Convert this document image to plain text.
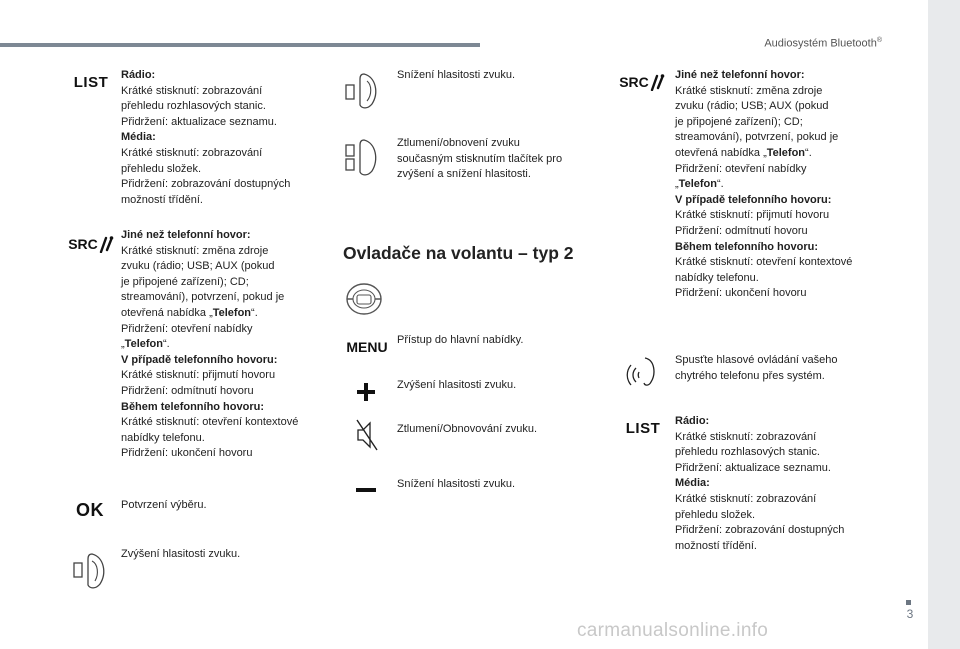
Audiosystém Bluetooth®
LIST Rádio:
Krátké stisknutí: zobrazování
přehledu rozhlasových stanic.
Přidržení: aktualizace seznamu.
Média:
Krátké stisknutí: zobrazování
přehledu složek.
Přidržení: zobrazování dostupných
možností třídění.
SRC
Jiné než telefonní hovor:
Krátké stisknutí: změna zdroje
zvuku (rádio; USB; AUX (pokud
je připojené zařízení); CD;
streamování), potvrzení, pokud je
otevřená nabídka „Telefon“.
Přidržení: otevření nabídky
„Telefon“.
V případě telefonního hovoru:
Krátké stisknutí: přijmutí hovoru
Přidržení: odmítnutí hovoru
Během telefonního hovoru:
Krátké stisknutí: otevření kontextové
nabídky telefonu.
Přidržení: ukončení hovoru
OK Potvrzení výběru.
Zvýšení hlasitosti zvuku.
Snížení hlasitosti zvuku.
Ztlumení/obnovení zvuku
současným stisknutím tlačítek pro
zvýšení a snížení hlasitosti.
Ovladače na volantu – typ 2
MENU Přístup do hlavní nabídky.
Zvýšení hlasitosti zvuku.
Ztlumení/Obnovování zvuku.
Snížení hlasitosti zvuku.
SRC Jiné než telefonní hovor:
Krátké stisknutí: změna zdroje
zvuku (rádio; USB; AUX (pokud
je připojené zařízení); CD;
streamování), potvrzení, pokud je
otevřená nabídka „Telefon“.
Přidržení: otevření nabídky
„Telefon“.
V případě telefonního hovoru:
Krátké stisknutí: přijmutí hovoru
Přidržení: odmítnutí hovoru
Během telefonního hovoru:
Krátké stisknutí: otevření kontextové
nabídky telefonu.
Přidržení: ukončení hovoru
Spusťte hlasové ovládání vašeho
chytrého telefonu přes systém.
LIST Rádio:
Krátké stisknutí: zobrazování
přehledu rozhlasových stanic.
Přidržení: aktualizace seznamu.
Média:
Krátké stisknutí: zobrazování
přehledu složek.
Přidržení: zobrazování dostupných
možností třídění.
3
carmanualsonline.info
